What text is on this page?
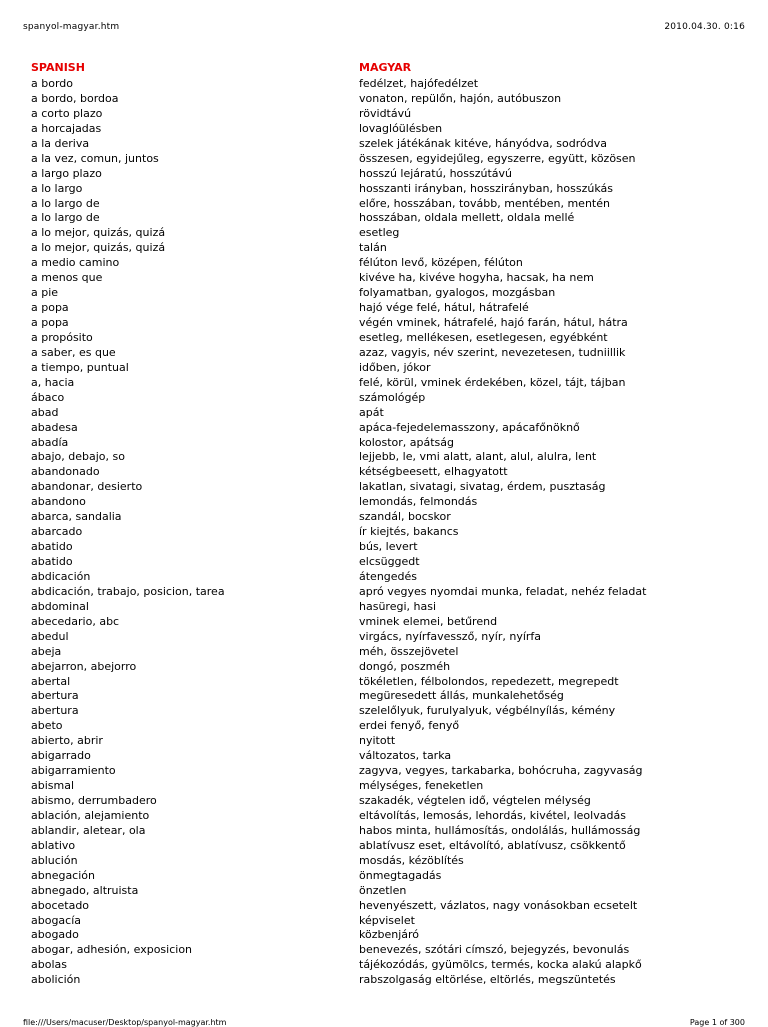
spanyol-magyar.htm	2010.04.30. 0:16
SPANISH	MAGYAR
a bordo	fedélzet, hajófedélzet
a bordo, bordoa	vonaton, repülőn, hajón, autóbuszon
a corto plazo	rövidtávú
a horcajadas	lovaglóülésben
a la deriva	szelek játékának kitéve, hányódva, sodródva
a la vez, comun, juntos	összesen, egyidejűleg, egyszerre, együtt, közösen
a largo plazo	hosszú lejáratú, hosszútávú
a lo largo	hosszanti irányban, hosszirányban, hosszúkás
a lo largo de	előre, hosszában, tovább, mentében, mentén
a lo largo de	hosszában, oldala mellett, oldala mellé
a lo mejor, quizás, quizá	esetleg
a lo mejor, quizás, quizá	talán
a medio camino	félúton levő, középen, félúton
a menos que	kivéve ha, kivéve hogyha, hacsak, ha nem
a pie	folyamatban, gyalogos, mozgásban
a popa	hajó vége felé, hátul, hátrafelé
a popa	végén vminek, hátrafelé, hajó farán, hátul, hátra
a propósito	esetleg, mellékesen, esetlegesen, egyébként
a saber, es que	azaz, vagyis, név szerint, nevezetesen, tudniillik
a tiempo, puntual	időben, jókor
a, hacia	felé, körül, vminek érdekében, közel, tájt, tájban
ábaco	számológép
abad	apát
abadesa	apáca-fejedelemasszony, apácafőnöknő
abadía	kolostor, apátság
abajo, debajo, so	lejjebb, le, vmi alatt, alant, alul, alulra, lent
abandonado	kétségbeesett, elhagyatott
abandonar, desierto	lakatlan, sivatagi, sivatag, érdem, pusztaság
abandono	lemondás, felmondás
abarca, sandalia	szandál, bocskor
abarcado	ír kiejtés, bakancs
abatido	bús, levert
abatido	elcsüggedt
abdicación	átengedés
abdicación, trabajo, posicion, tarea	apró vegyes nyomdai munka, feladat, nehéz feladat
abdominal	hasüregi, hasi
abecedario, abc	vminek elemei, betűrend
abedul	virgács, nyírfavessző, nyír, nyírfa
abeja	méh, összejövetel
abejarron, abejorro	dongó, poszméh
abertal	tökéletlen, félbolondos, repedezett, megrepedt
abertura	megüresedett állás, munkalehetőség
abertura	szelelőlyuk, furulyalyuk, végbélnyílás, kémény
abeto	erdei fenyő, fenyő
abierto, abrir	nyitott
abigarrado	változatos, tarka
abigarramiento	zagyva, vegyes, tarkabarka, bohócruha, zagyvaság
abismal	mélységes, feneketlen
abismo, derrumbadero	szakadék, végtelen idő, végtelen mélység
ablación, alejamiento	eltávolítás, lemosás, lehordás, kivétel, leolvadás
ablandir, aletear, ola	habos minta, hullámosítás, ondolálás, hullámosság
ablativo	ablatívusz eset, eltávolító, ablatívusz, csökkentő
ablución	mosdás, kézöblítés
abnegación	önmegtagadás
abnegado, altruista	önzetlen
abocetado	hevenyészett, vázlatos, nagy vonásokban ecsetelt
abogacía	képviselet
abogado	közbenjáró
abogar, adhesión, exposicion	benevezés, szótári címszó, bejegyzés, bevonulás
abolas	tájékozódás, gyümölcs, termés, kocka alakú alapkő
abolición	rabszolgaság eltörlése, eltörlés, megszüntetés
file:///Users/macuser/Desktop/spanyol-magyar.htm	Page 1 of 300
